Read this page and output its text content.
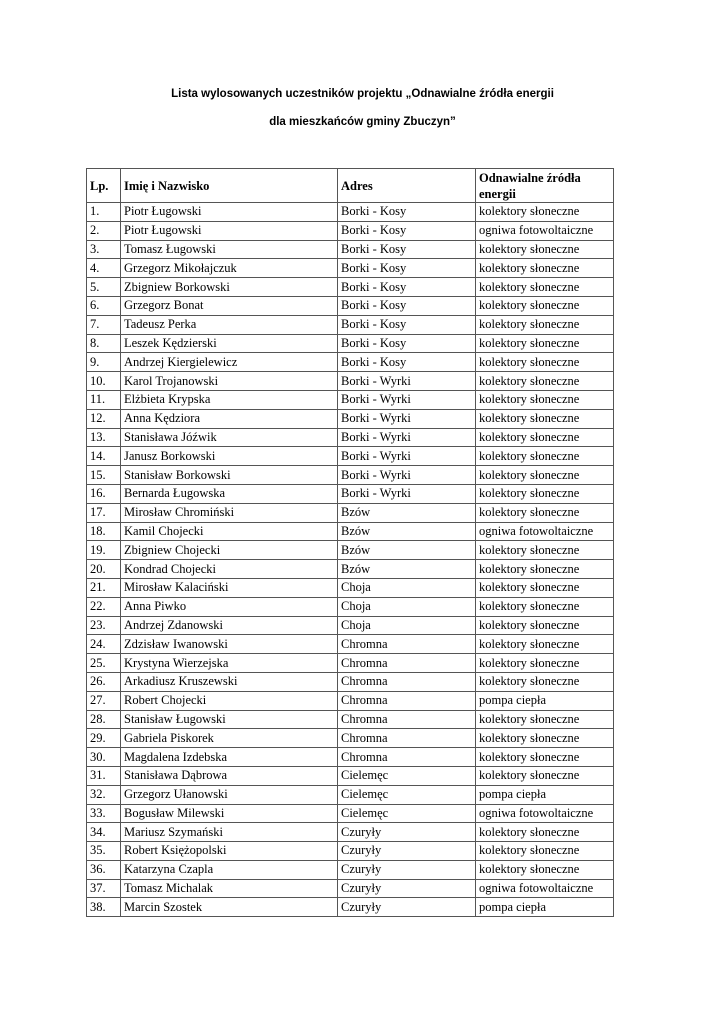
Lista wylosowanych uczestników projektu „Odnawialne źródła energii

dla mieszkańców gminy Zbuczyn”

Lp.	Imię i Nazwisko	Adres	Odnawialne źródła energii
1.	Piotr Ługowski	Borki - Kosy	kolektory słoneczne
2.	Piotr Ługowski	Borki - Kosy	ogniwa fotowoltaiczne
3.	Tomasz Ługowski	Borki - Kosy	kolektory słoneczne
4.	Grzegorz Mikołajczuk	Borki - Kosy	kolektory słoneczne
5.	Zbigniew Borkowski	Borki - Kosy	kolektory słoneczne
6.	Grzegorz Bonat	Borki - Kosy	kolektory słoneczne
7.	Tadeusz Perka	Borki - Kosy	kolektory słoneczne
8.	Leszek Kędzierski	Borki - Kosy	kolektory słoneczne
9.	Andrzej Kiergielewicz	Borki - Kosy	kolektory słoneczne
10.	Karol Trojanowski	Borki - Wyrki	kolektory słoneczne
11.	Elżbieta Krypska	Borki - Wyrki	kolektory słoneczne
12.	Anna Kędziora	Borki - Wyrki	kolektory słoneczne
13.	Stanisława Jóźwik	Borki - Wyrki	kolektory słoneczne
14.	Janusz Borkowski	Borki - Wyrki	kolektory słoneczne
15.	Stanisław Borkowski	Borki - Wyrki	kolektory słoneczne
16.	Bernarda Ługowska	Borki - Wyrki	kolektory słoneczne
17.	Mirosław Chromiński	Bzów	kolektory słoneczne
18.	Kamil Chojecki	Bzów	ogniwa fotowoltaiczne
19.	Zbigniew Chojecki	Bzów	kolektory słoneczne
20.	Kondrad Chojecki	Bzów	kolektory słoneczne
21.	Mirosław Kalaciński	Choja	kolektory słoneczne
22.	Anna Piwko	Choja	kolektory słoneczne
23.	Andrzej Zdanowski	Choja	kolektory słoneczne
24.	Zdzisław Iwanowski	Chromna	kolektory słoneczne
25.	Krystyna Wierzejska	Chromna	kolektory słoneczne
26.	Arkadiusz Kruszewski	Chromna	kolektory słoneczne
27.	Robert Chojecki	Chromna	pompa ciepła
28.	Stanisław Ługowski	Chromna	kolektory słoneczne
29.	Gabriela Piskorek	Chromna	kolektory słoneczne
30.	Magdalena Izdebska	Chromna	kolektory słoneczne
31.	Stanisława Dąbrowa	Cielemęc	kolektory słoneczne
32.	Grzegorz Ułanowski	Cielemęc	pompa ciepła
33.	Bogusław Milewski	Cielemęc	ogniwa fotowoltaiczne
34.	Mariusz Szymański	Czuryły	kolektory słoneczne
35.	Robert Księżopolski	Czuryły	kolektory słoneczne
36.	Katarzyna Czapla	Czuryły	kolektory słoneczne
37.	Tomasz Michalak	Czuryły	ogniwa fotowoltaiczne
38.	Marcin Szostek	Czuryły	pompa ciepła
